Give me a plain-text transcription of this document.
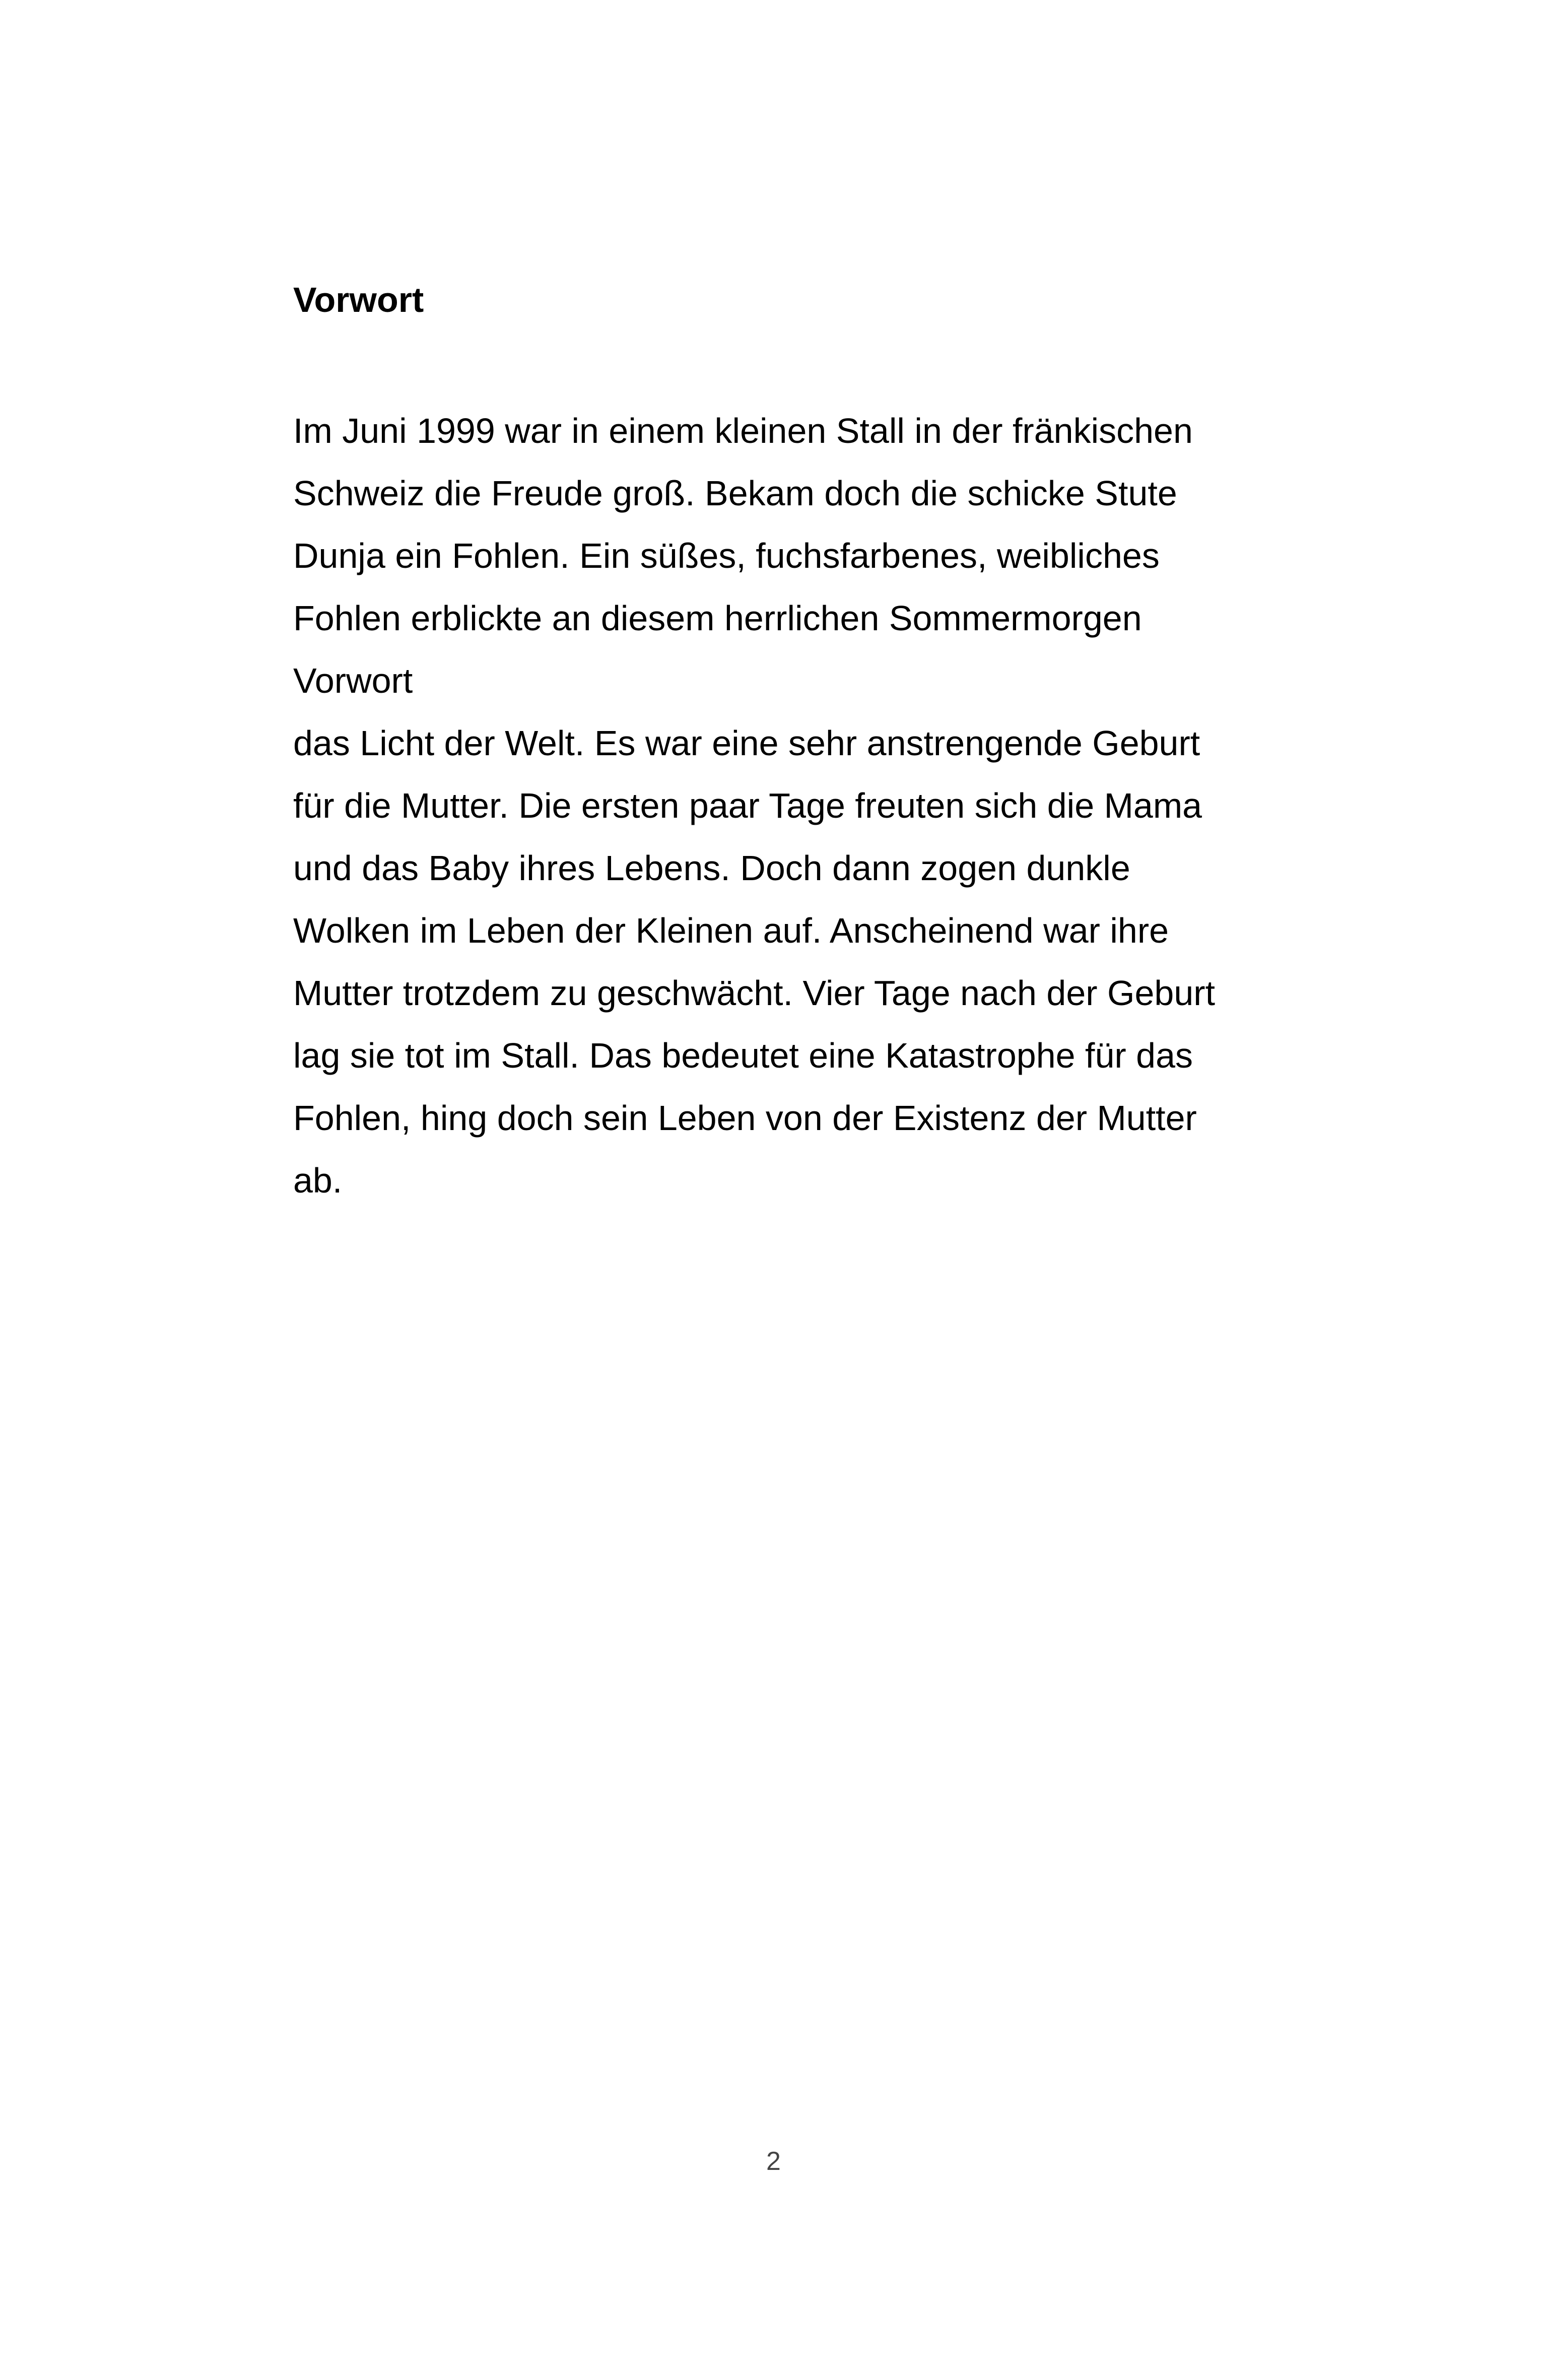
Vorwort
Im Juni 1999 war in einem kleinen Stall in der fränkischen
Schweiz die Freude groß. Bekam doch die schicke Stute
Dunja ein Fohlen. Ein süßes, fuchsfarbenes, weibliches
Fohlen erblickte an diesem herrlichen Sommermorgen
Vorwort
das Licht der Welt. Es war eine sehr anstrengende Geburt
für die Mutter. Die ersten paar Tage freuten sich die Mama
und das Baby ihres Lebens. Doch dann zogen dunkle
Wolken im Leben der Kleinen auf. Anscheinend war ihre
Mutter trotzdem zu geschwächt. Vier Tage nach der Geburt
lag sie tot im Stall. Das bedeutet eine Katastrophe für das
Fohlen, hing doch sein Leben von der Existenz der Mutter
ab.
2
